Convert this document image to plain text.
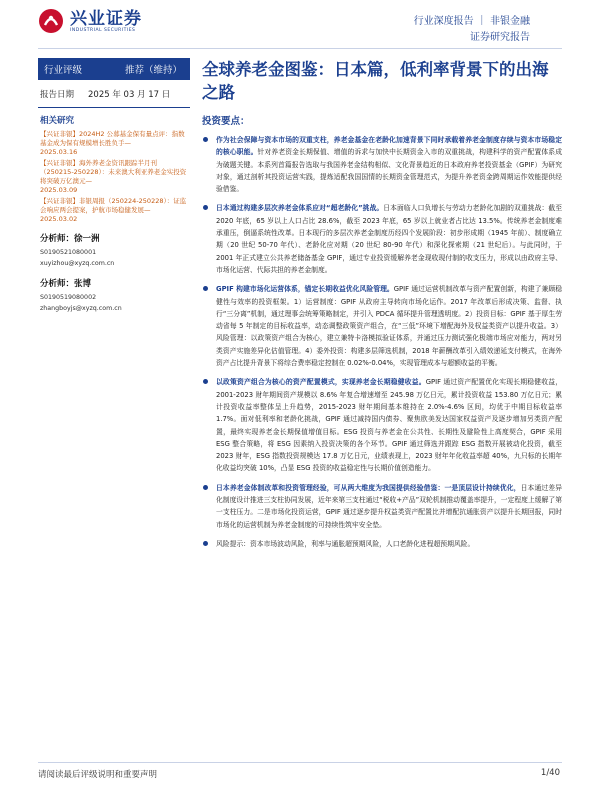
兴业证券
INDUSTRIAL SECURITIES
行业深度报告 ｜ 非银金融
证券研究报告
行业评级	推荐（维持）
报告日期	2025 年 03 月 17 日
相关研究
【兴证非银】2024H2 公募基金保有量点评：指数基金成为保有规模增长胜负手—
2025.03.16
【兴证非银】海外养老金资讯跟踪半月刊（250215-250228）：未来澳大利亚养老金实投资将突破万亿澳元—
2025.03.09
【兴证非银】非银周报（250224-250228）：证监会响应两会提案，护航市场稳健发展—
2025.03.02
分析师：徐一洲
S0190521080001
xuyizhou@xyzq.com.cn
分析师：张博
S0190519080002
zhangboyjs@xyzq.com.cn
全球养老金图鉴：日本篇，低利率背景下的出海之路
投资要点：
作为社会保障与资本市场的双重支柱，养老金基金在老龄化加速背景下同时承载着养老金制度存续与资本市场稳定的核心职能。针对养老资金长期保值、增值的诉求与加快中长期资金入市的双重挑战，构建科学的资产配置体系成为破题关键。本系列首篇报告选取与我国养老金结构相似、文化背景趋近的日本政府养老投资基金（GPIF）为研究对象，通过剖析其投资运营实践，提炼适配我国国情的长期资金管理范式，为提升养老资金跨周期运作效能提供经验借鉴。
日本通过构建多层次养老金体系应对“超老龄化”挑战。日本面临人口负增长与劳动力老龄化加剧的双重挑战：截至 2020 年底，65 岁以上人口占比 28.6%，截至 2023 年底，65 岁以上就业者占比达 13.5%。传统养老金制度难承重压，倒逼系统性改革。日本现行的多层次养老金制度历经四个发展阶段：初步形成期（1945 年前）、制度确立期（20 世纪 50-70 年代）、老龄化应对期（20 世纪 80-90 年代）和深化探索期（21 世纪后）。与此同时，于 2001 年正式建立公共养老储备基金 GPIF，通过专业投资缓解养老金现收现付制的收支压力，形成以由政府主导、市场化运营、代际共担的养老金制度。
GPIF 构建市场化运营体系，锚定长期收益优化风险管理。GPIF 通过运营机制改革与资产配置创新，构建了兼顾稳健性与效率的投资框架。1）运营制度：GPIF 从政府主导转向市场化运作。2017 年改革后形成决策、监督、执行“三分离”机制，通过理事会统筹策略制定，并引入 PDCA 循环提升管理透明度。2）投资目标：GPIF 基于厚生劳动省每 5 年制定的目标收益率，动态调整政策资产组合，在“三低”环境下增配海外及权益类资产以提升收益。3）风险管理：以政策资产组合为核心，建立兼特卡洛模拟验证体系，并通过压力测试强化极端市场应对能力，两对另类资产实施差异化估值管理。4）委外投资：构建多层筛选机制，2018 年薪酬改革引入绩效递延支付模式，在海外资产占比提升背景下将综合费率稳定控制在 0.02%-0.04%，实现管理成本与超额收益的平衡。
以政策资产组合为核心的资产配置模式，实现养老金长期稳健收益。GPIF 通过资产配置优化实现长期稳健收益，2001-2023 财年期间资产规模以 8.6% 年复合增速增至 245.98 万亿日元，累计投资收益 153.80 万亿日元；累计投资收益率整体呈上升趋势，2015-2023 财年期间基本维持在 2.0%-4.6% 区间，均优于中期目标收益率 1.7%。面对低利率和老龄化挑战，GPIF 通过减持国内债券、聚焦欧美发达国家权益资产及逐步增加另类资产配置，最终实现养老金长期保值增值目标。ESG 投资与养老金在公共性、长期性及避险性上高度契合，GPIF 采用 ESG 整合策略，将 ESG 因素纳入投资决策的各个环节。GPIF 通过筛选并跟踪 ESG 指数开展被动化投资，截至 2023 财年，ESG 指数投资规模达 17.8 万亿日元，业绩表现上，2023 财年年化收益率超 40%，九只标的长期年化收益均突破 10%，凸显 ESG 投资的收益稳定性与长期价值创造能力。
日本养老金体制改革和投资管理经验，可从两大维度为我国提供经验借鉴：一是顶层设计持续优化，日本通过差异化制度设计推进三支柱协同发展，近年来第三支柱通过“税收+产品”双轮机制推动覆盖率提升，一定程度上缓解了第一支柱压力。二是市场化投资运营，GPIF 通过逐步提升权益类资产配置比并增配抗通胀资产以提升长期回报，同时市场化的运营机制为养老金制度的可持续性筑牢安全垫。
风险提示：资本市场波动风险，利率与通胀超预期风险，人口老龄化进程超预期风险。
请阅读最后评级说明和重要声明	1/40
